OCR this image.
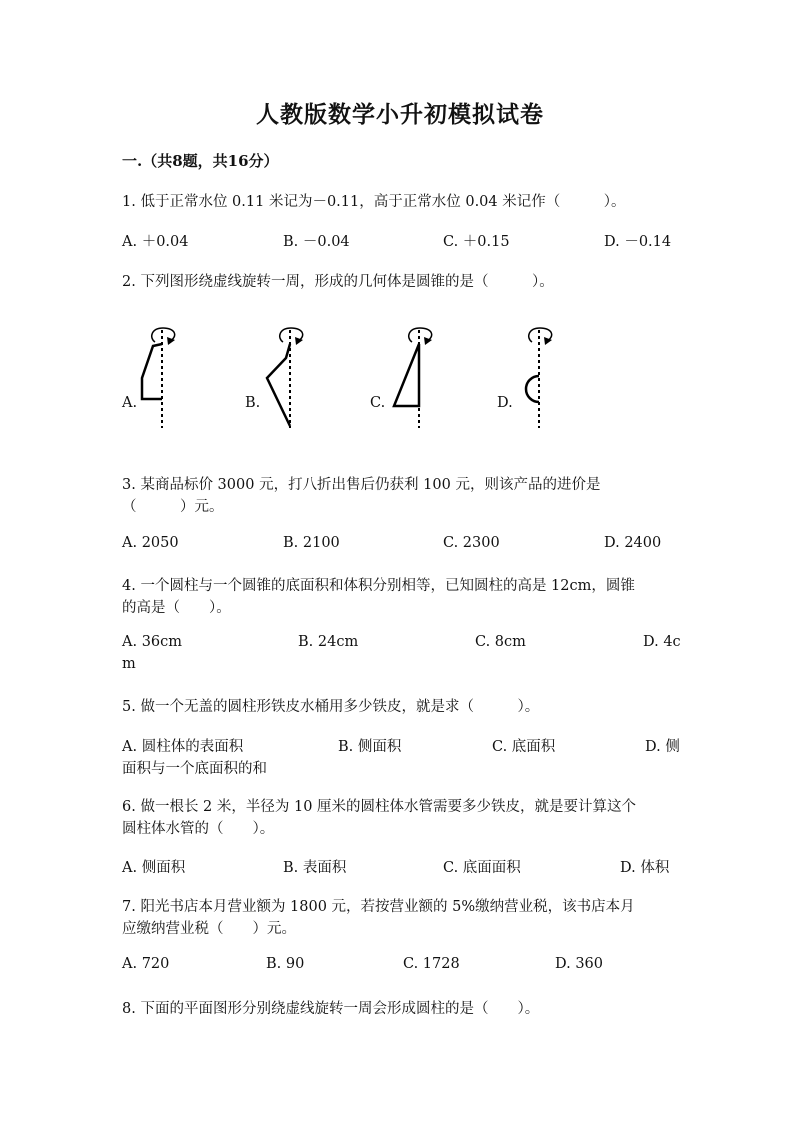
人教版数学小升初模拟试卷
一.（共8题，共16分）
1. 低于正常水位 0.11 米记为－0.11，高于正常水位 0.04 米记作（　　　）。
A. ＋0.04	B. －0.04	C. ＋0.15	D. －0.14
2. 下列图形绕虚线旋转一周，形成的几何体是圆锥的是（　　　）。
A.	B.	C.	D.
3. 某商品标价 3000 元，打八折出售后仍获利 100 元，则该产品的进价是
（　　　）元。
A. 2050	B. 2100	C. 2300	D. 2400
4. 一个圆柱与一个圆锥的底面积和体积分别相等，已知圆柱的高是 12cm，圆锥
的高是（　　）。
A. 36cm	B. 24cm	C. 8cm	D. 4c
m
5. 做一个无盖的圆柱形铁皮水桶用多少铁皮，就是求（　　　）。
A. 圆柱体的表面积	B. 侧面积	C. 底面积	D. 侧
面积与一个底面积的和
6. 做一根长 2 米，半径为 10 厘米的圆柱体水管需要多少铁皮，就是要计算这个
圆柱体水管的（　　）。
A. 侧面积	B. 表面积	C. 底面面积	D. 体积
7. 阳光书店本月营业额为 1800 元，若按营业额的 5%缴纳营业税，该书店本月
应缴纳营业税（　　）元。
A. 720	B. 90	C. 1728	D. 360
8. 下面的平面图形分别绕虚线旋转一周会形成圆柱的是（　　）。
